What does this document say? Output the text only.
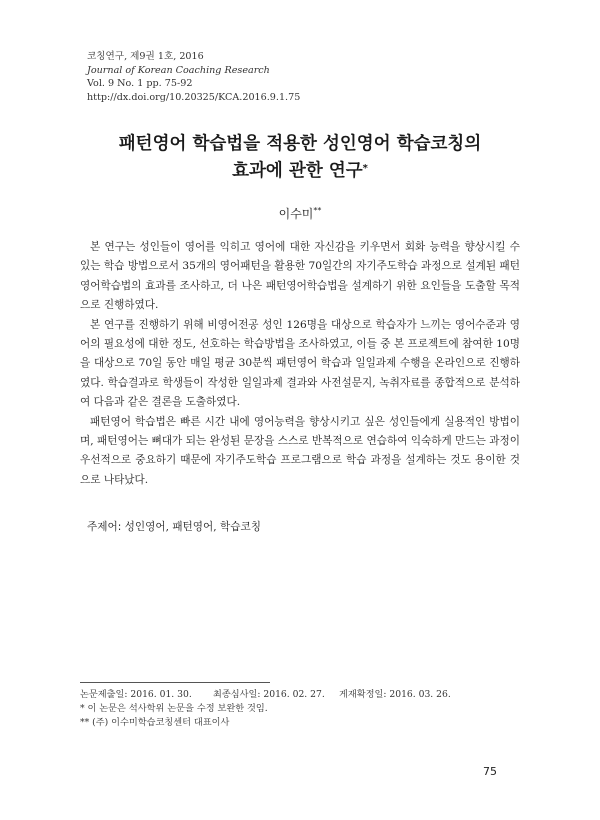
코칭연구, 제9권 1호, 2016
Journal of Korean Coaching Research
Vol. 9 No. 1 pp. 75-92
http://dx.doi.org/10.20325/KCA.2016.9.1.75
패턴영어 학습법을 적용한 성인영어 학습코칭의
효과에 관한 연구*
이수미**

본 연구는 성인들이 영어를 익히고 영어에 대한 자신감을 키우면서 회화 능력을 향상시킬 수 있는 학습 방법으로서 35개의 영어패턴을 활용한 70일간의 자기주도학습 과정으로 설계된 패턴영어학습법의 효과를 조사하고, 더 나은 패턴영어학습법을 설계하기 위한 요인들을 도출할 목적으로 진행하였다.

본 연구를 진행하기 위해 비영어전공 성인 126명을 대상으로 학습자가 느끼는 영어수준과 영어의 필요성에 대한 정도, 선호하는 학습방법을 조사하였고, 이들 중 본 프로젝트에 참여한 10명을 대상으로 70일 동안 매일 평균 30분씩 패턴영어 학습과 일일과제 수행을 온라인으로 진행하였다. 학습결과로 학생들이 작성한 일일과제 결과와 사전설문지, 녹취자료를 종합적으로 분석하여 다음과 같은 결론을 도출하였다.

패턴영어 학습법은 빠른 시간 내에 영어능력을 향상시키고 싶은 성인들에게 실용적인 방법이며, 패턴영어는 뼈대가 되는 완성된 문장을 스스로 반복적으로 연습하여 익숙하게 만드는 과정이 우선적으로 중요하기 때문에 자기주도학습 프로그램으로 학습 과정을 설계하는 것도 용이한 것으로 나타났다.

주제어: 성인영어, 패턴영어, 학습코칭
논문제출일: 2016. 01. 30. 최종심사일: 2016. 02. 27. 게재확정일: 2016. 03. 26.
* 이 논문은 석사학위 논문을 수정 보완한 것임.
** (주) 이수미학습코칭센터 대표이사
75
